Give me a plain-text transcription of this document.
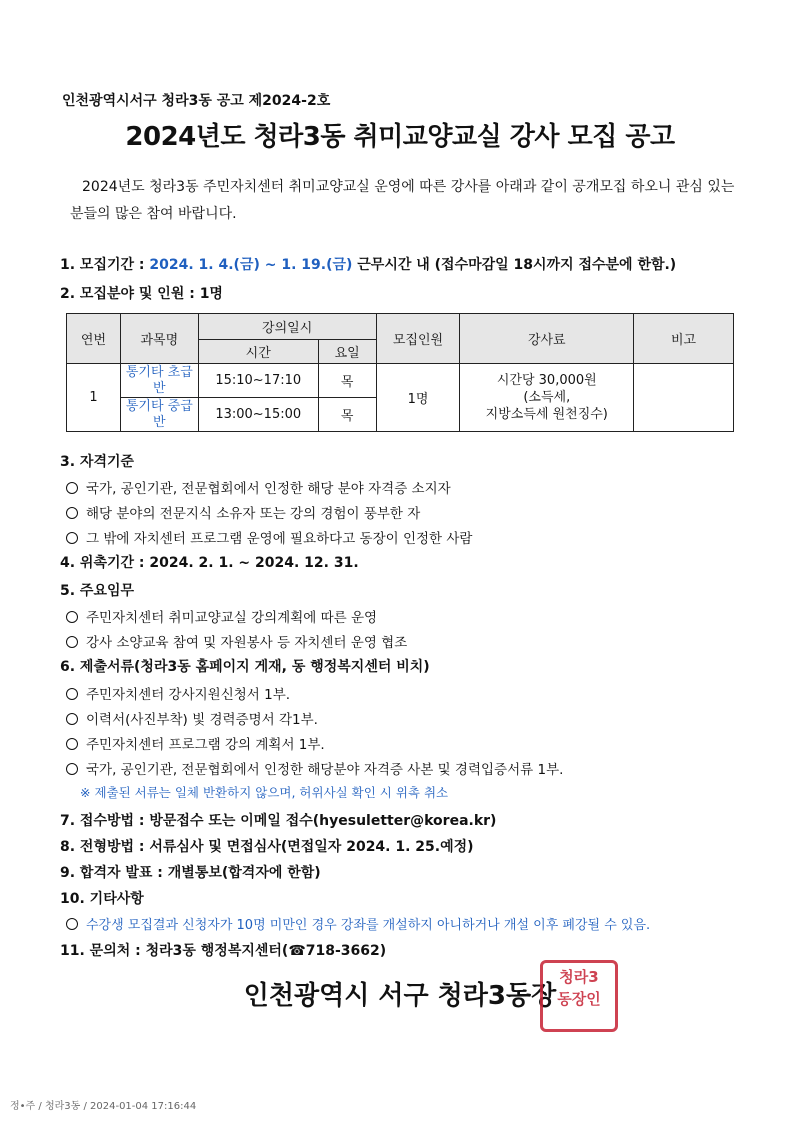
인천광역시서구 청라3동 공고 제2024-2호
2024년도 청라3동 취미교양교실 강사 모집 공고
2024년도 청라3동 주민자치센터 취미교양교실 운영에 따른 강사를 아래과 같이 공개모집 하오니 관심 있는 분들의 많은 참여 바랍니다.
1. 모집기간 : 2024. 1. 4.(금) ~ 1. 19.(금) 근무시간 내 (접수마감일 18시까지 접수분에 한함.)
2. 모집분야 및 인원 : 1명
연번	과목명	강의일시		모집인원	강사료	비고
		시간	요일			
1	통기타 초급반	15:10~17:10	목	1명	시간당 30,000원
(소득세,
지방소득세 원천징수)	

	통기타 중급반	13:00~15:00	목			
3. 자격기준
국가, 공인기관, 전문협회에서 인정한 해당 분야 자격증 소지자
해당 분야의 전문지식 소유자 또는 강의 경험이 풍부한 자
그 밖에 자치센터 프로그램 운영에 필요하다고 동장이 인정한 사람
4. 위촉기간 : 2024. 2. 1. ~ 2024. 12. 31.
5. 주요임무
주민자치센터 취미교양교실 강의계획에 따른 운영
강사 소양교육 참여 및 자원봉사 등 자치센터 운영 협조
6. 제출서류(청라3동 홈페이지 게재, 동 행정복지센터 비치)
주민자치센터 강사지원신청서 1부.
이력서(사진부착) 빛 경력증명서 각1부.
주민자치센터 프로그램 강의 계획서 1부.
국가, 공인기관, 전문협회에서 인정한 해당분야 자격증 사본 및 경력입증서류 1부.
※ 제출된 서류는 일체 반환하지 않으며, 허위사실 확인 시 위촉 취소
7. 접수방법 : 방문접수 또는 이메일 접수(hyesuletter@korea.kr)
8. 전형방법 : 서류심사 및 면접심사(면접일자 2024. 1. 25.예정)
9. 합격자 발표 : 개별통보(합격자에 한함)
10. 기타사항
수강생 모집결과 신청자가 10명 미만인 경우 강좌를 개설하지 아니하거나 개설 이후 폐강될 수 있음.
11. 문의처 : 청라3동 행정복지센터(☎718-3662)
인천광역시 서구 청라3동장
청라3
동장인
정•주 / 청라3동 / 2024-01-04 17:16:44
